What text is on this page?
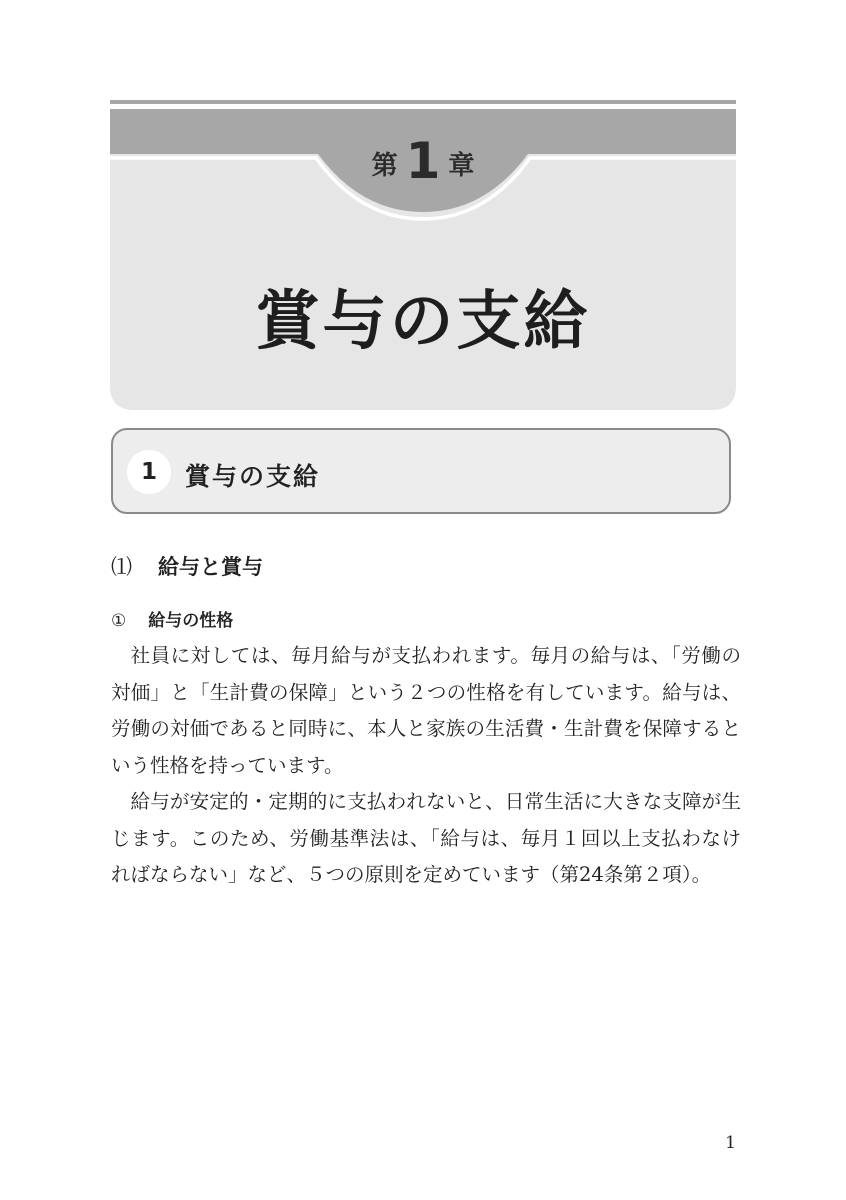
第 1 章
賞与の支給
1	賞与の支給
⑴ 給与と賞与
① 給与の性格

社員に対しては、毎月給与が支払われます。毎月の給与は、「労働の対価」と「生計費の保障」という２つの性格を有しています。給与は、労働の対価であると同時に、本人と家族の生活費・生計費を保障するという性格を持っています。

給与が安定的・定期的に支払われないと、日常生活に大きな支障が生じます。このため、労働基準法は、「給与は、毎月１回以上支払わなければならない」など、５つの原則を定めています（第24条第２項）。

1
